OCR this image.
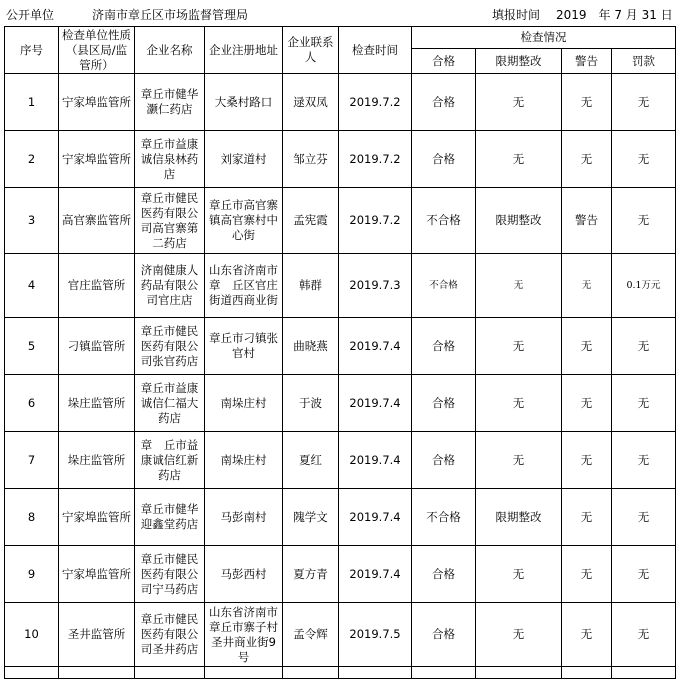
公开单位	济南市章丘区市场监督管理局	填报时间 2019　年 7 月 31 日
序号	检查单位性质　（县区局/监管所）	企业名称	企业注册地址	企业联系人	检查时间	检查情况			
						合格	限期整改	警告	罚款
1	宁家埠监管所	章丘市健华灏仁药店	大桑村路口	逯双凤	2019.7.2	合格	无	无	无
2	宁家埠监管所	章丘市益康诚信泉林药店	刘家道村	邹立芬	2019.7.2	合格	无	无	无
3	高官寨监管所	章丘市健民医药有限公司高官寨第二药店	章丘市高官寨镇高官寨村中心街	孟宪霞	2019.7.2	不合格	限期整改	警告	无
4	官庄监管所	济南健康人药品有限公司官庄店	山东省济南市章　丘区官庄街道西商业街	韩群	2019.7.3	不合格	无	无	0.1万元
5	刁镇监管所	章丘市健民医药有限公司张官药店	章丘市刁镇张官村	曲晓燕	2019.7.4	合格	无	无	无
6	垛庄监管所	章丘市益康诚信仁福大药店	南垛庄村	于波	2019.7.4	合格	无	无	无
7	垛庄监管所	章　丘市益康诚信红新药店	南垛庄村	夏红	2019.7.4	合格	无	无	无
8	宁家埠监管所	章丘市健华迎鑫堂药店	马彭南村	隗学文	2019.7.4	不合格	限期整改	无	无
9	宁家埠监管所	章丘市健民医药有限公司宁马药店	马彭西村	夏方青	2019.7.4	合格	无	无	无
10	圣井监管所	章丘市健民医药有限公司圣井药店	山东省济南市章丘市寨子村圣井商业街9号	孟令辉	2019.7.5	合格	无	无	无
